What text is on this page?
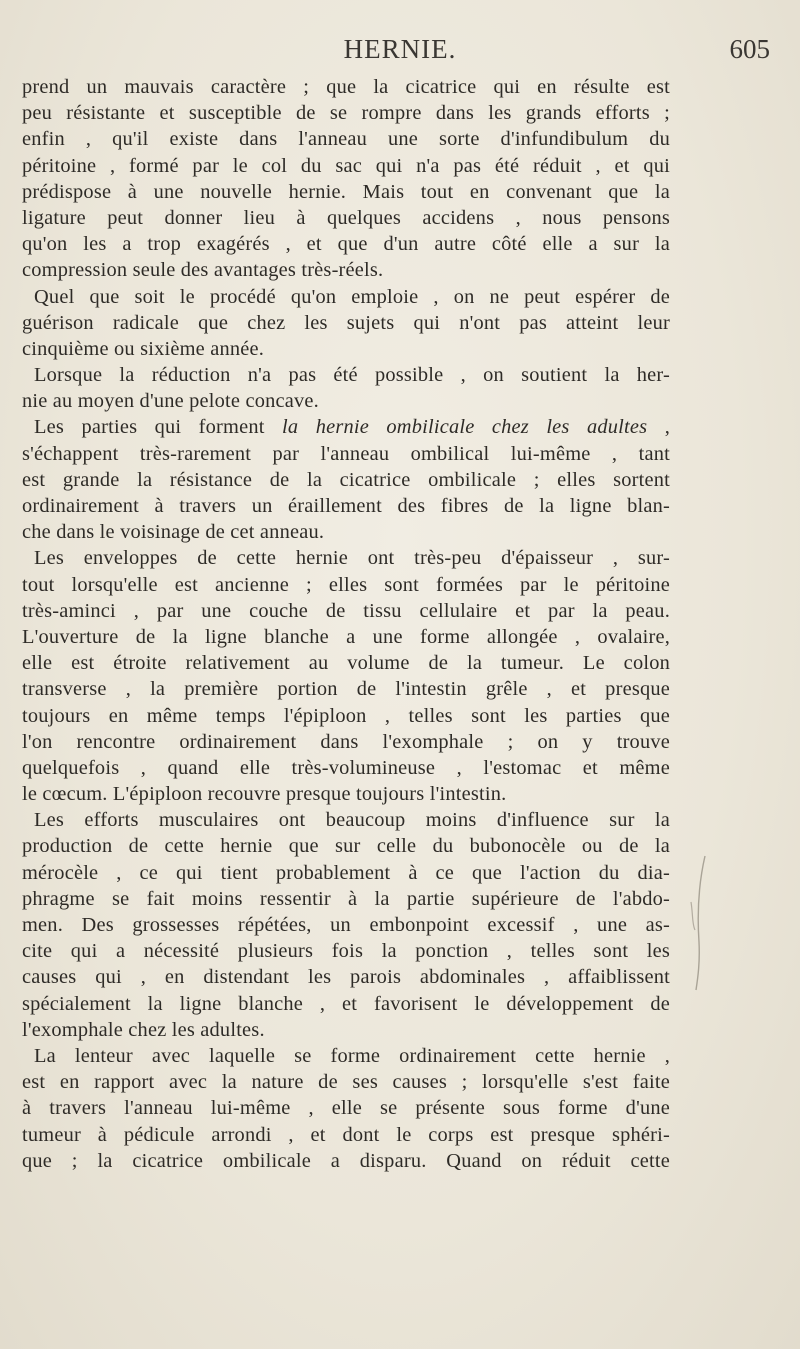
HERNIE.	605
prend un mauvais caractère ; que la cicatrice qui en résulte est
peu résistante et susceptible de se rompre dans les grands efforts ;
enfin , qu'il existe dans l'anneau une sorte d'infundibulum du
péritoine , formé par le col du sac qui n'a pas été réduit , et qui
prédispose à une nouvelle hernie. Mais tout en convenant que la
ligature peut donner lieu à quelques accidens , nous pensons
qu'on les a trop exagérés , et que d'un autre côté elle a sur la
compression seule des avantages très-réels.
Quel que soit le procédé qu'on emploie , on ne peut espérer de
guérison radicale que chez les sujets qui n'ont pas atteint leur
cinquième ou sixième année.
Lorsque la réduction n'a pas été possible , on soutient la her-
nie au moyen d'une pelote concave.
Les parties qui forment la hernie ombilicale chez les adultes ,
s'échappent très-rarement par l'anneau ombilical lui-même , tant
est grande la résistance de la cicatrice ombilicale ; elles sortent
ordinairement à travers un éraillement des fibres de la ligne blan-
che dans le voisinage de cet anneau.
Les enveloppes de cette hernie ont très-peu d'épaisseur , sur-
tout lorsqu'elle est ancienne ; elles sont formées par le péritoine
très-aminci , par une couche de tissu cellulaire et par la peau.
L'ouverture de la ligne blanche a une forme allongée , ovalaire,
elle est étroite relativement au volume de la tumeur. Le colon
transverse , la première portion de l'intestin grêle , et presque
toujours en même temps l'épiploon , telles sont les parties que
l'on rencontre ordinairement dans l'exomphale ; on y trouve
quelquefois , quand elle très-volumineuse , l'estomac et même
le cœcum. L'épiploon recouvre presque toujours l'intestin.
Les efforts musculaires ont beaucoup moins d'influence sur la
production de cette hernie que sur celle du bubonocèle ou de la
mérocèle , ce qui tient probablement à ce que l'action du dia-
phragme se fait moins ressentir à la partie supérieure de l'abdo-
men. Des grossesses répétées, un embonpoint excessif , une as-
cite qui a nécessité plusieurs fois la ponction , telles sont les
causes qui , en distendant les parois abdominales , affaiblissent
spécialement la ligne blanche , et favorisent le développement de
l'exomphale chez les adultes.
La lenteur avec laquelle se forme ordinairement cette hernie ,
est en rapport avec la nature de ses causes ; lorsqu'elle s'est faite
à travers l'anneau lui-même , elle se présente sous forme d'une
tumeur à pédicule arrondi , et dont le corps est presque sphéri-
que ; la cicatrice ombilicale a disparu. Quand on réduit cette
